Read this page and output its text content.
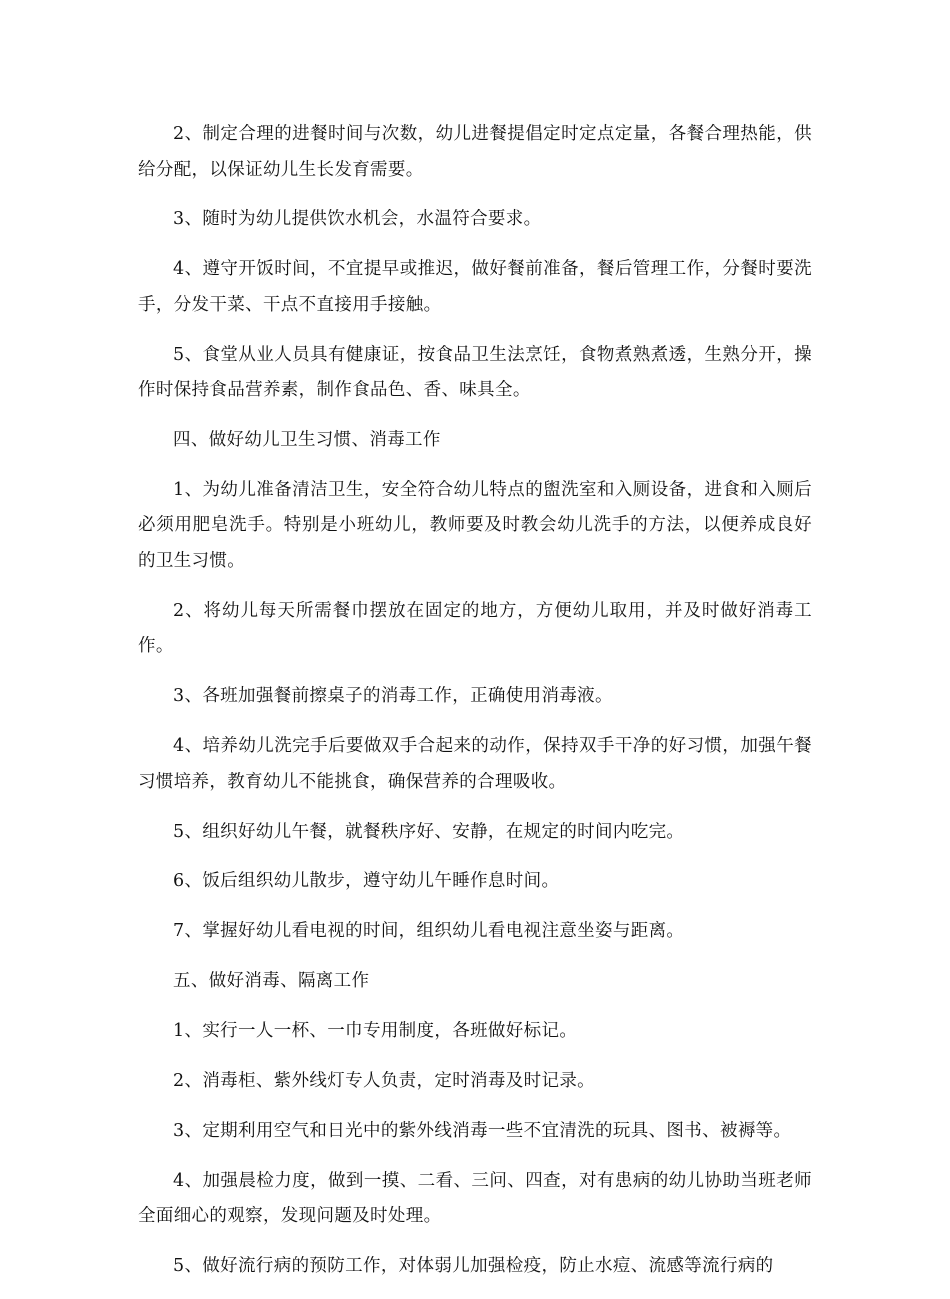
2、制定合理的进餐时间与次数，幼儿进餐提倡定时定点定量，各餐合理热能，供给分配，以保证幼儿生长发育需要。

3、随时为幼儿提供饮水机会，水温符合要求。

4、遵守开饭时间，不宜提早或推迟，做好餐前准备，餐后管理工作，分餐时要洗手，分发干菜、干点不直接用手接触。

5、食堂从业人员具有健康证，按食品卫生法烹饪，食物煮熟煮透，生熟分开，操作时保持食品营养素，制作食品色、香、味具全。

四、做好幼儿卫生习惯、消毒工作

1、为幼儿准备清洁卫生，安全符合幼儿特点的盥洗室和入厕设备，进食和入厕后必须用肥皂洗手。特别是小班幼儿，教师要及时教会幼儿洗手的方法，以便养成良好的卫生习惯。

2、将幼儿每天所需餐巾摆放在固定的地方，方便幼儿取用，并及时做好消毒工作。

3、各班加强餐前擦桌子的消毒工作，正确使用消毒液。

4、培养幼儿洗完手后要做双手合起来的动作，保持双手干净的好习惯，加强午餐习惯培养，教育幼儿不能挑食，确保营养的合理吸收。

5、组织好幼儿午餐，就餐秩序好、安静，在规定的时间内吃完。

6、饭后组织幼儿散步，遵守幼儿午睡作息时间。

7、掌握好幼儿看电视的时间，组织幼儿看电视注意坐姿与距离。

五、做好消毒、隔离工作

1、实行一人一杯、一巾专用制度，各班做好标记。

2、消毒柜、紫外线灯专人负责，定时消毒及时记录。

3、定期利用空气和日光中的紫外线消毒一些不宜清洗的玩具、图书、被褥等。

4、加强晨检力度，做到一摸、二看、三问、四查，对有患病的幼儿协助当班老师全面细心的观察，发现问题及时处理。

5、做好流行病的预防工作，对体弱儿加强检疫，防止水痘、流感等流行病的
